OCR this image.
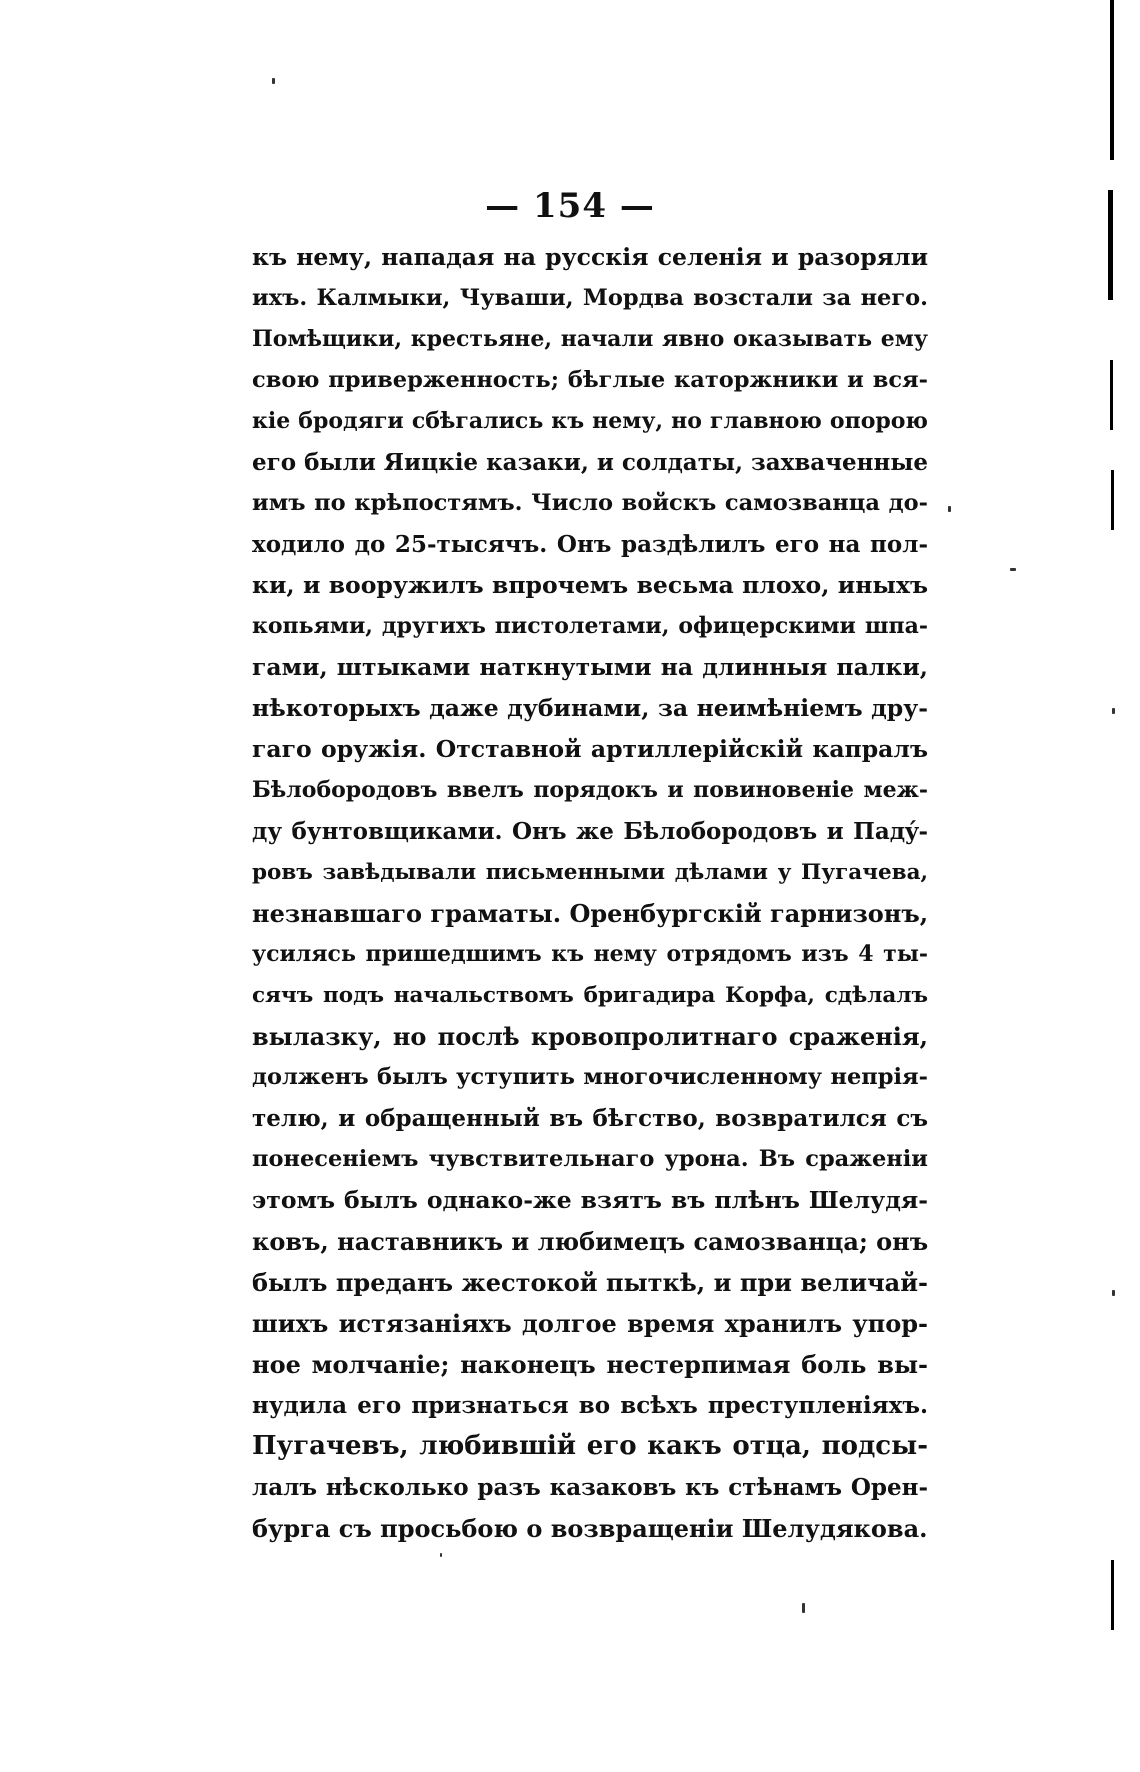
— 154 —
къ нему, нападая на русскія селенія и разоряли
ихъ. Калмыки, Чуваши, Мордва возстали за него.
Помѣщики, крестьяне, начали явно оказывать ему
свою приверженность; бѣглые каторжники и вся-
кіе бродяги сбѣгались къ нему, но главною опорою
его были Яицкіе казаки, и солдаты, захваченные
имъ по крѣпостямъ. Число войскъ самозванца до-
ходило до 25-тысячъ. Онъ раздѣлилъ его на пол-
ки, и вооружилъ впрочемъ весьма плохо, иныхъ
копьями, другихъ пистолетами, офицерскими шпа-
гами, штыками наткнутыми на длинныя палки,
нѣкоторыхъ даже дубинами, за неимѣніемъ дру-
гаго оружія. Отставной артиллерійскій капралъ
Бѣлобородовъ ввелъ порядокъ и повиновеніе меж-
ду бунтовщиками. Онъ же Бѣлобородовъ и Падý-
ровъ завѣдывали письменными дѣлами у Пугачева,
незнавшаго граматы. Оренбургскій гарнизонъ,
усилясь пришедшимъ къ нему отрядомъ изъ 4 ты-
сячъ подъ начальствомъ бригадира Корфа, сдѣлалъ
вылазку, но послѣ кровопролитнаго сраженія,
долженъ былъ уступить многочисленному непрія-
телю, и обращенный въ бѣгство, возвратился съ
понесеніемъ чувствительнаго урона. Въ сраженіи
этомъ былъ однако-же взятъ въ плѣнъ Шелудя-
ковъ, наставникъ и любимецъ самозванца; онъ
былъ преданъ жестокой пыткѣ, и при величай-
шихъ истязаніяхъ долгое время хранилъ упор-
ное молчаніе; наконецъ нестерпимая боль вы-
нудила его признаться во всѣхъ преступленіяхъ.
Пугачевъ, любившій его какъ отца, подсы-
лалъ нѣсколько разъ казаковъ къ стѣнамъ Орен-
бурга съ просьбою о возвращеніи Шелудякова.
